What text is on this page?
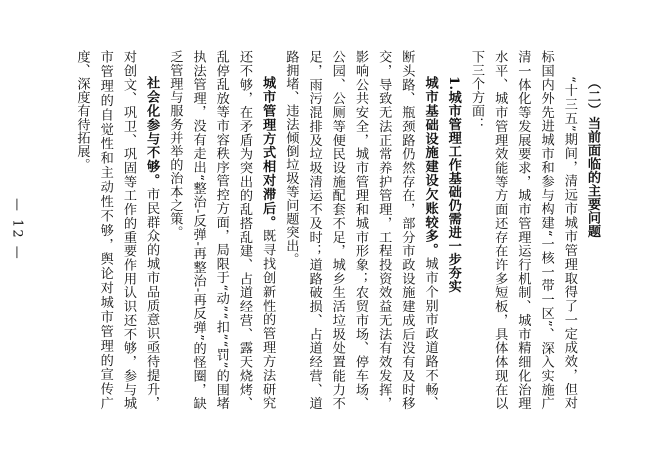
（二）当前面临的主要问题

“十三五”期间，清远市城市管理取得了一定成效，但对标国内外先进城市和参与构建“一核一带一区”、深入实施广清一体化等发展要求，城市管理运行机制、城市精细化治理水平、城市管理效能等方面还存在许多短板，具体体现在以下三个方面：

1.城市管理工作基础仍需进一步夯实

城市基础设施建设欠账较多。城市个别市政道路不畅、断头路、瓶颈路仍然存在，部分市政设施建成后没有及时移交，导致无法正常养护管理，工程投资效益无法有效发挥，影响公共安全，城市管理和城市形象；农贸市场、停车场、公园、公厕等便民设施配套不足，城乡生活垃圾处置能力不足，雨污混排及垃圾清运不及时；道路破损、占道经营、道路拥堵、违法倾倒垃圾等问题突出。

城市管理方式相对滞后。既寻找创新性的管理方法研究还不够，在矛盾为突出的乱搭乱建、占道经营、露天烧烤、乱停乱放等市容秩序管控方面，局限于“动”“扣”“罚”的围堵执法管理，没有走出“整治-反弹-再整治-再反弹”的怪圈，缺乏管理与服务并举的治本之策。

社会化参与不够。市民群众的城市品质意识亟待提升，对创文、巩卫、巩固等工作的重要作用认识还不够，参与城市管理的自觉性和主动性不够，舆论对城市管理的宣传广度、深度有待拓展。

— 12 —
